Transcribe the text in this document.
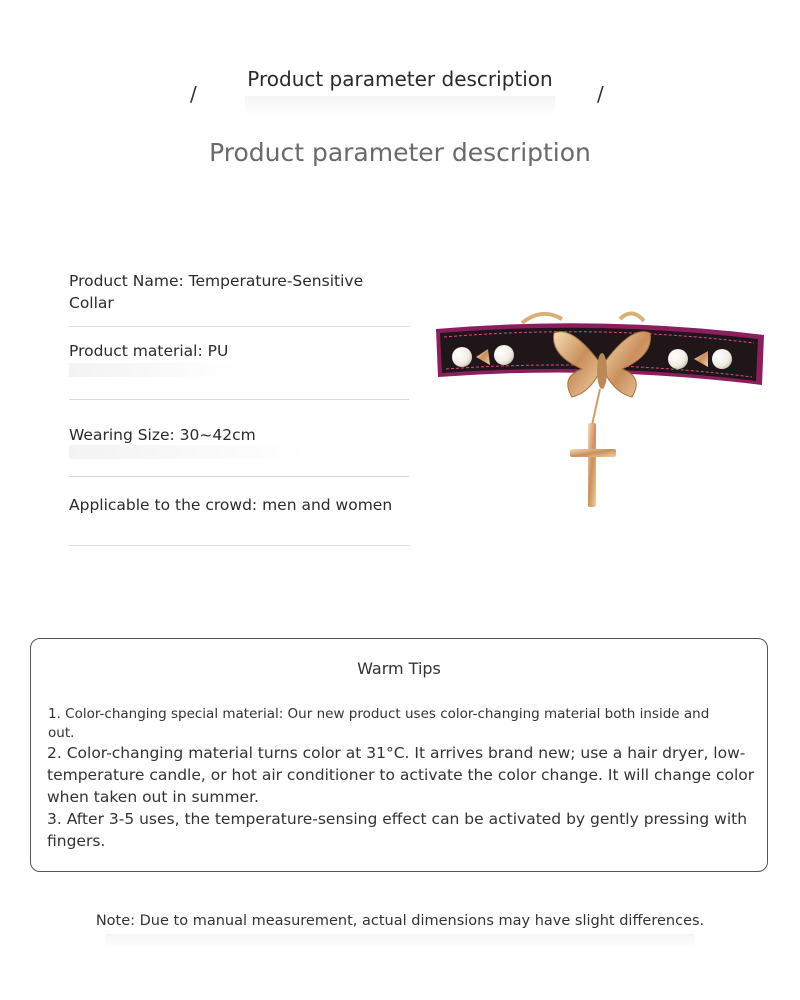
/	/
Product parameter description
Product parameter description
Product Name: Temperature-Sensitive Collar
Product material: PU
Wearing Size: 30~42cm
Applicable to the crowd: men and women
Warm Tips
1. Color-changing special material: Our new product uses color-changing material both inside and out.

2. Color-changing material turns color at 31°C. It arrives brand new; use a hair dryer, low-temperature candle, or hot air conditioner to activate the color change. It will change color when taken out in summer.

3. After 3-5 uses, the temperature-sensing effect can be activated by gently pressing with fingers.

Note: Due to manual measurement, actual dimensions may have slight differences.
